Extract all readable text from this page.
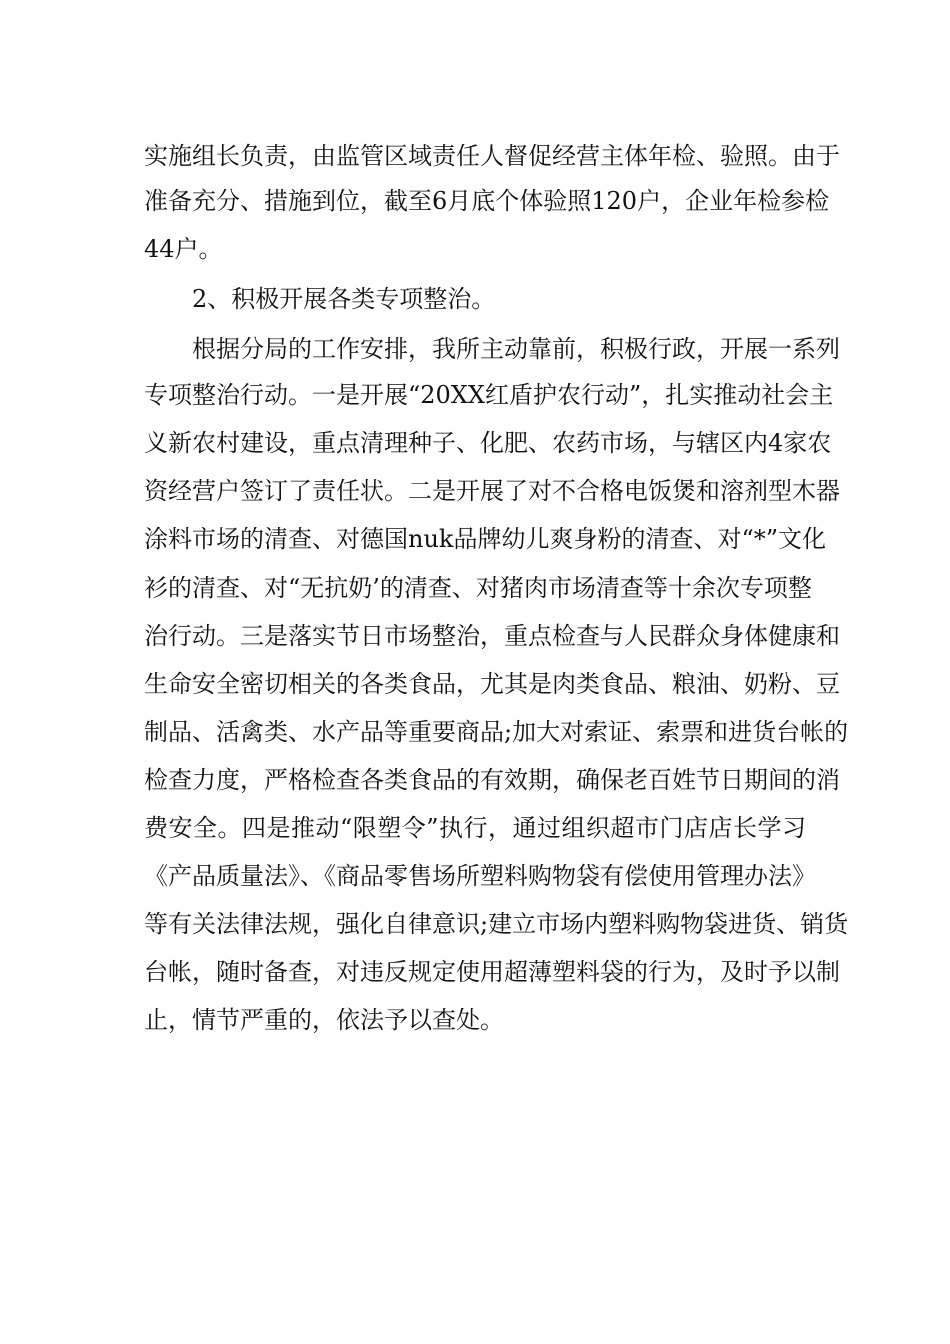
实施组长负责，由监管区域责任人督促经营主体年检、验照。由于
准备充分、措施到位，截至6月底个体验照120户，企业年检参检
44户。
2、积极开展各类专项整治。
根据分局的工作安排，我所主动靠前，积极行政，开展一系列
专项整治行动。一是开展“20XX红盾护农行动”，扎实推动社会主
义新农村建设，重点清理种子、化肥、农药市场，与辖区内4家农
资经营户签订了责任状。二是开展了对不合格电饭煲和溶剂型木器
涂料市场的清查、对德国nuk品牌幼儿爽身粉的清查、对“*”文化
衫的清查、对“无抗奶’的清查、对猪肉市场清查等十余次专项整
治行动。三是落实节日市场整治，重点检查与人民群众身体健康和
生命安全密切相关的各类食品，尤其是肉类食品、粮油、奶粉、豆
制品、活禽类、水产品等重要商品;加大对索证、索票和进货台帐的
检查力度，严格检查各类食品的有效期，确保老百姓节日期间的消
费安全。四是推动“限塑令”执行，通过组织超市门店店长学习
《产品质量法》、《商品零售场所塑料购物袋有偿使用管理办法》
等有关法律法规，强化自律意识;建立市场内塑料购物袋进货、销货
台帐，随时备查，对违反规定使用超薄塑料袋的行为，及时予以制
止，情节严重的，依法予以查处。
